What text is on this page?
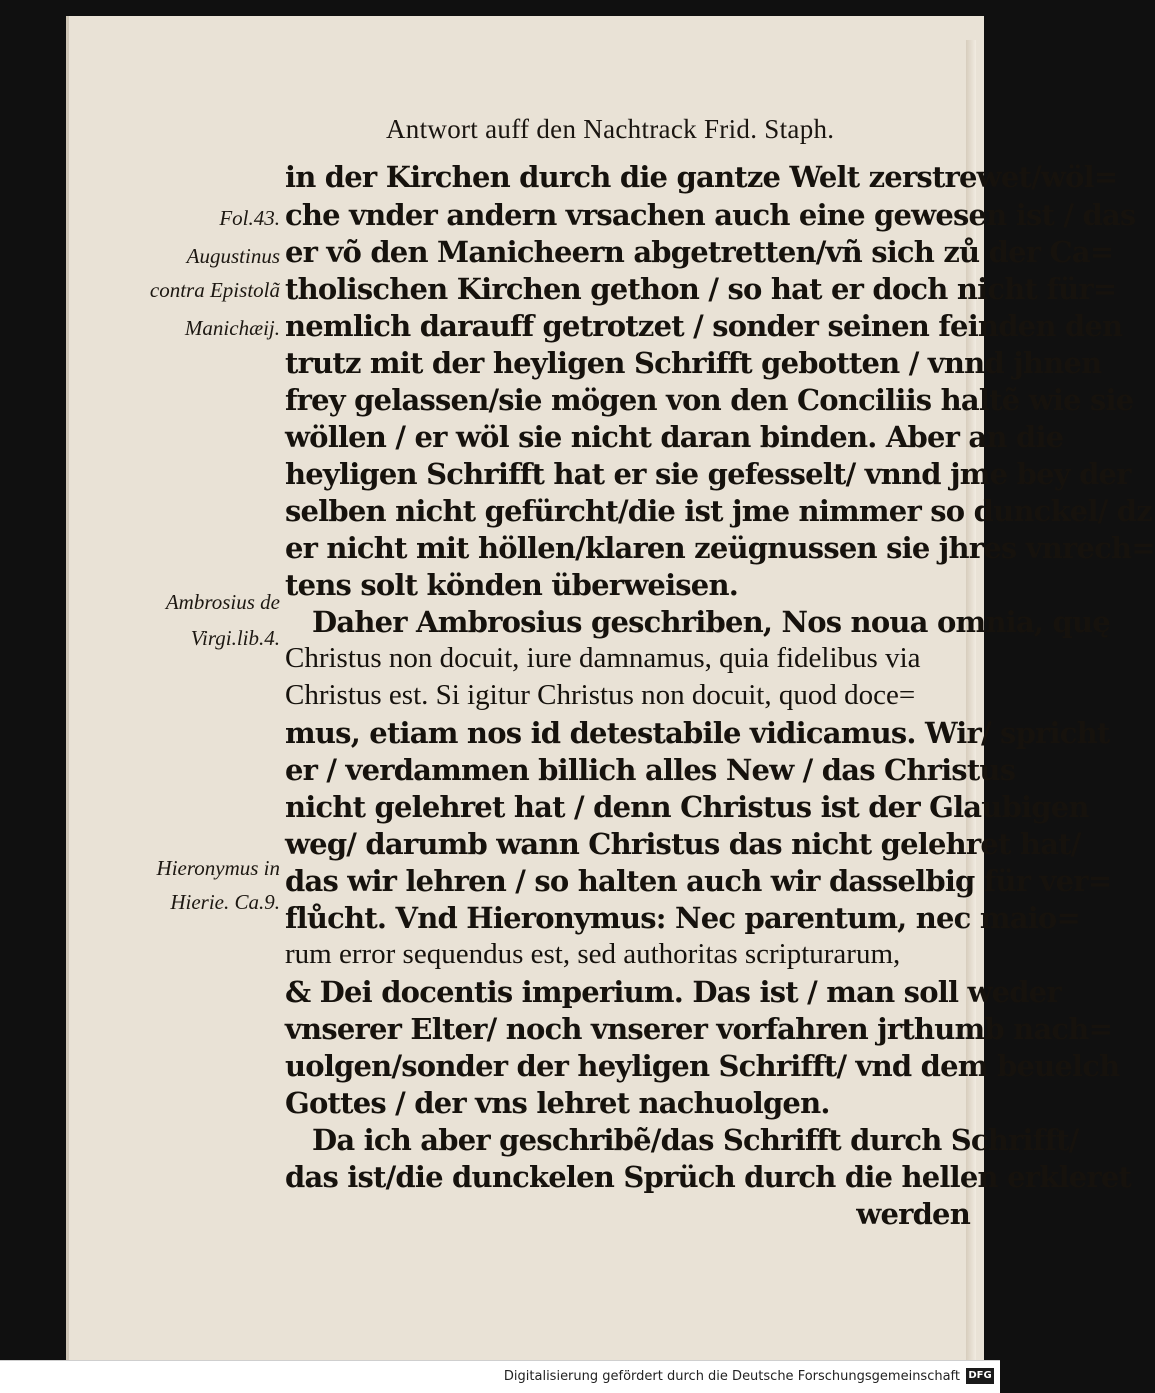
Antwort auff den Nachtrack Frid. Staph.
in der Kirchen durch die gantze Welt zerstrewet/wöl=
che vnder andern vrsachen auch eine gewesen ist / das
er võ den Manicheern abgetretten/vñ sich zů der Ca=
tholischen Kirchen gethon / so hat er doch nicht für=
nemlich darauff getrotzet / sonder seinen feinden den
trutz mit der heyligen Schrifft gebotten / vnnd jhnen
frey gelassen/sie mögen von den Conciliis haltẽ wie sie
wöllen / er wöl sie nicht daran binden. Aber an die
heyligen Schrifft hat er sie gefesselt/ vnnd jme bey der
selben nicht gefürcht/die ist jme nimmer so dunckel/ dz
er nicht mit höllen/klaren zeügnussen sie jhres vnrech=
tens solt könden überweisen.
Daher Ambrosius geschriben, Nos noua omnia, quę
Christus non docuit, iure damnamus, quia fidelibus via
Christus est. Si igitur Christus non docuit, quod doce=
mus, etiam nos id detestabile vidicamus. Wir/ spricht
er / verdammen billich alles New / das Christus
nicht gelehret hat / denn Christus ist der Glaubigen
weg/ darumb wann Christus das nicht gelehret hat/
das wir lehren / so halten auch wir dasselbig für ver=
flůcht. Vnd Hieronymus: Nec parentum, nec maio=
rum error sequendus est, sed authoritas scripturarum,
& Dei docentis imperium. Das ist / man soll weder
vnserer Elter/ noch vnserer vorfahren jrthumb nach=
uolgen/sonder der heyligen Schrifft/ vnd dem beuelch
Gottes / der vns lehret nachuolgen.
Da ich aber geschribẽ/das Schrifft durch Schrifft/
das ist/die dunckelen Sprüch durch die hellen erkleret
werden
Fol.43.
Augustinus
contra Epistolã
Manichæij.
Ambrosius de
Virgi.lib.4.
Hieronymus in
Hierie. Ca.9.
Digitalisierung gefördert durch die Deutsche Forschungsgemeinschaft DFG
